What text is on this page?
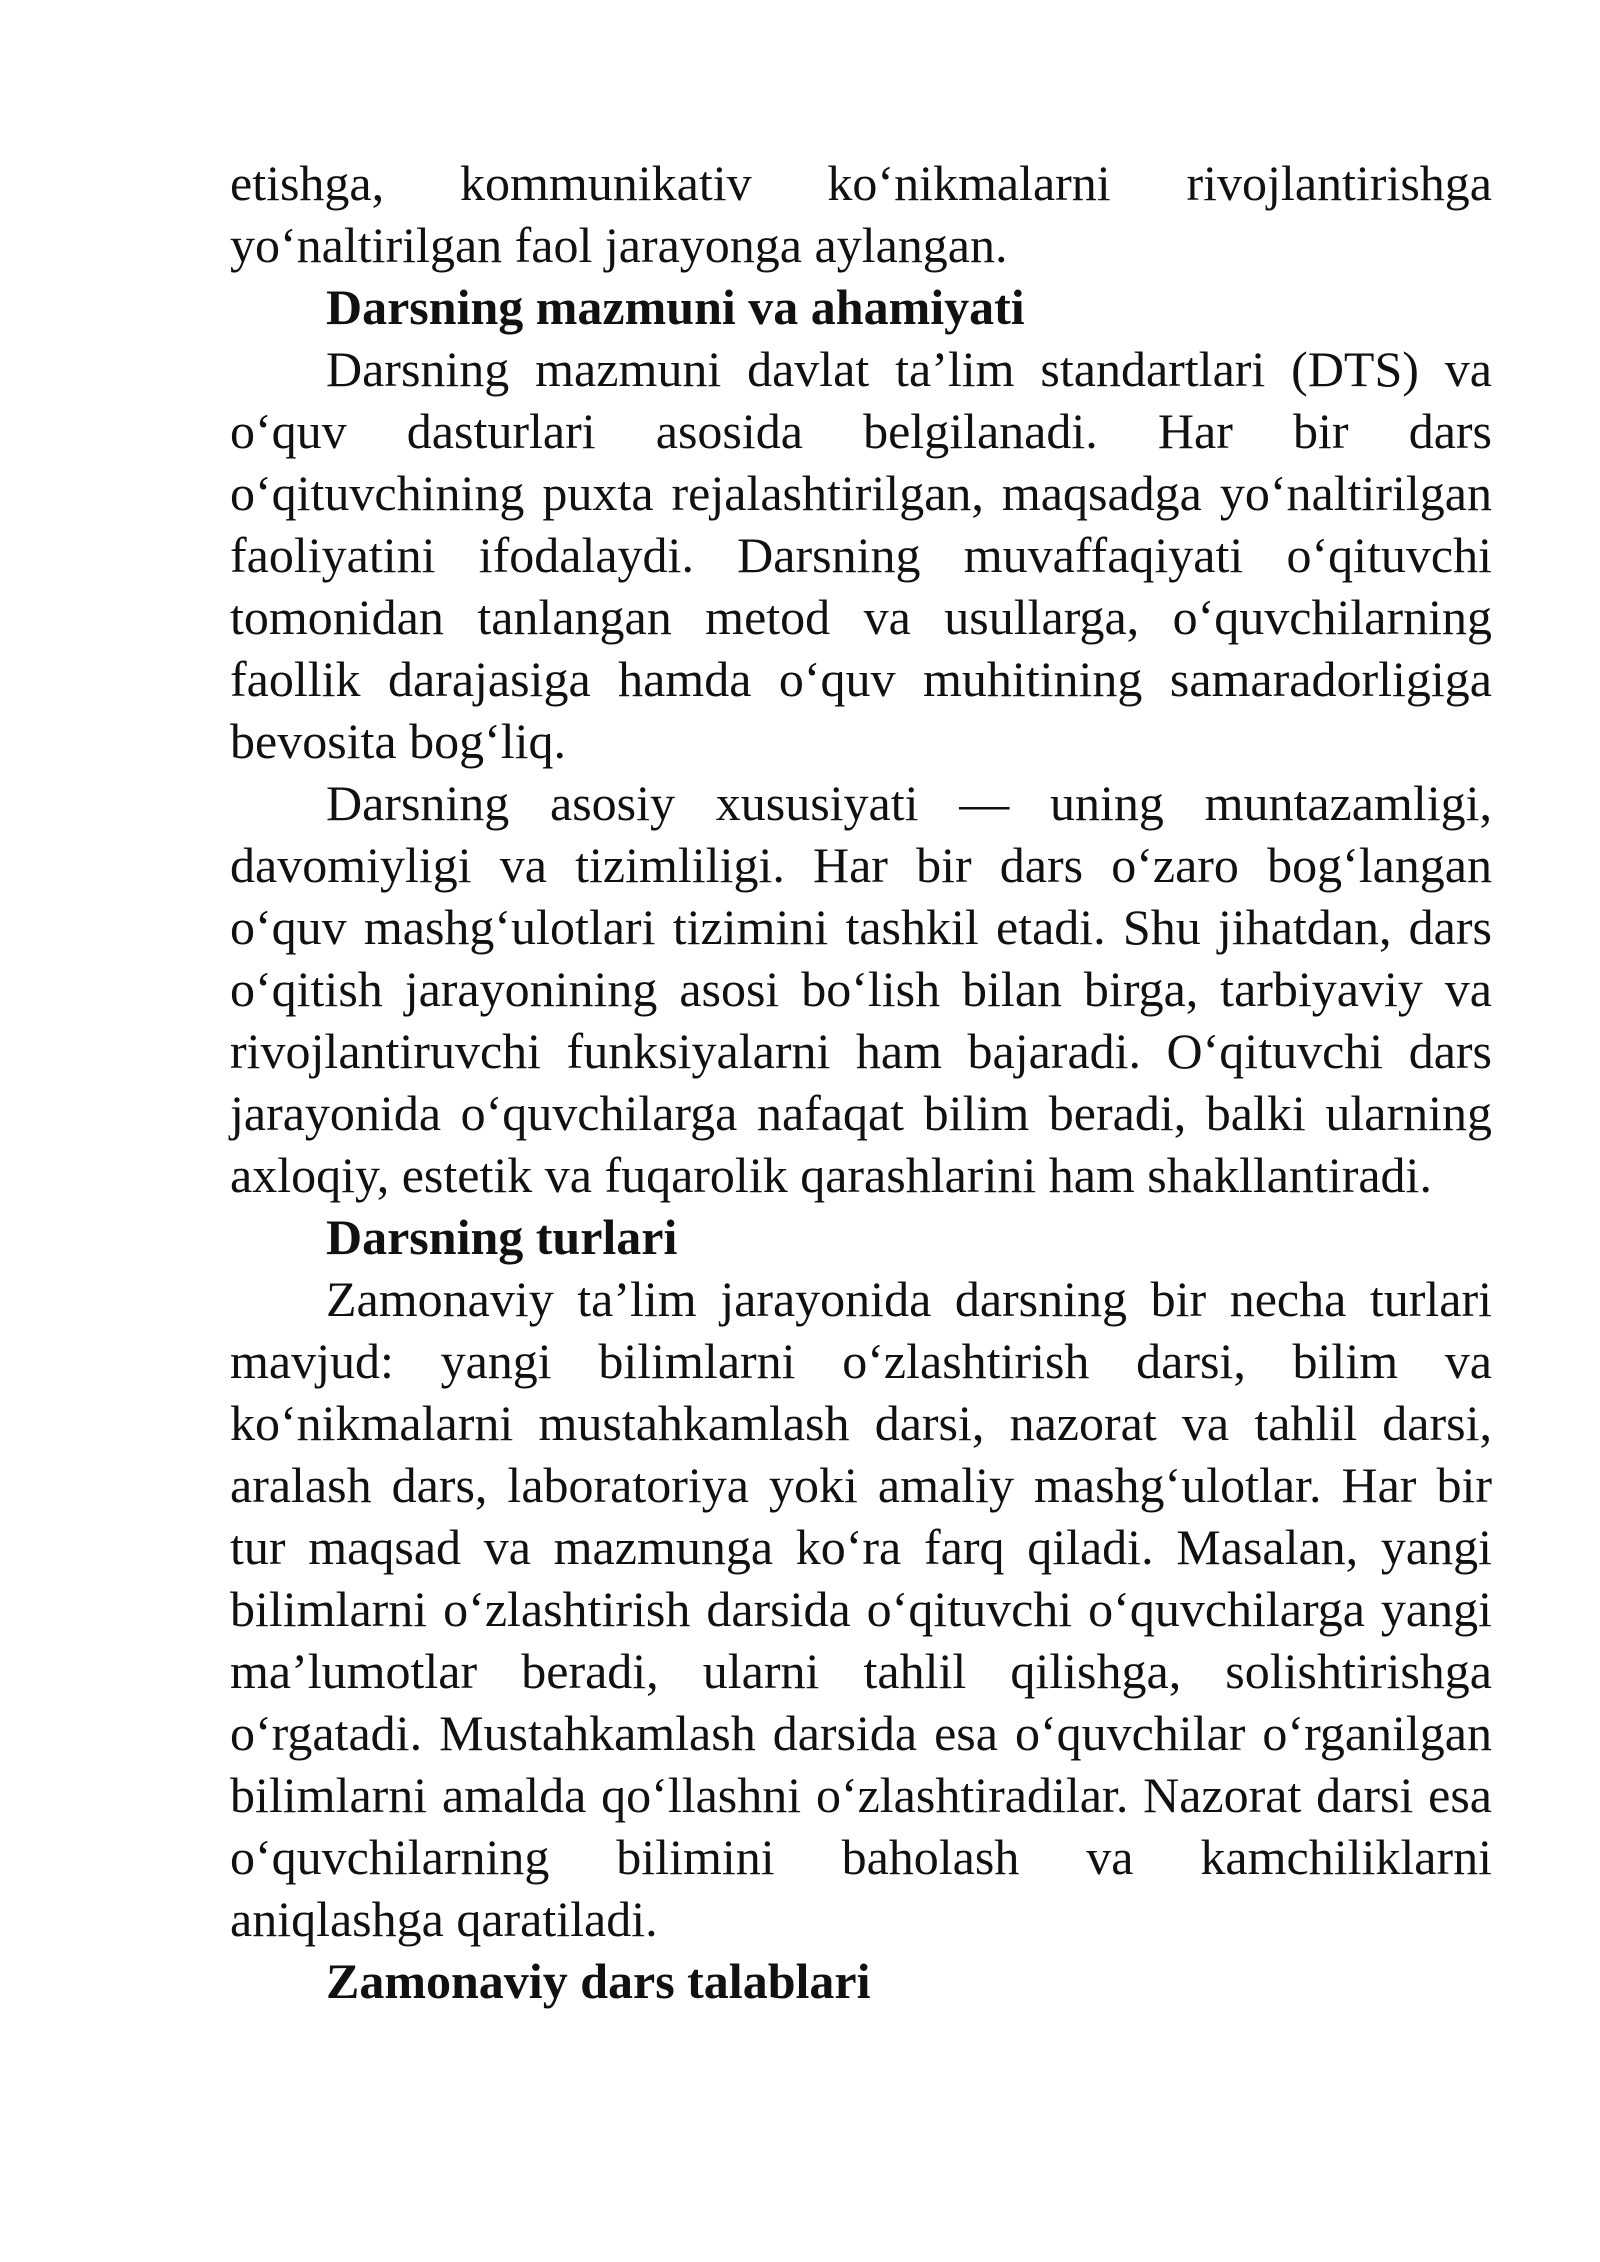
etishga, kommunikativ ko‘nikmalarni rivojlantirishga yo‘naltirilgan faol jarayonga aylangan.

Darsning mazmuni va ahamiyati

Darsning mazmuni davlat ta’lim standartlari (DTS) va o‘quv dasturlari asosida belgilanadi. Har bir dars o‘qituvchining puxta rejalashtirilgan, maqsadga yo‘naltirilgan faoliyatini ifodalaydi. Darsning muvaffaqiyati o‘qituvchi tomonidan tanlangan metod va usullarga, o‘quvchilarning faollik darajasiga hamda o‘quv muhitining samaradorligiga bevosita bog‘liq.

Darsning asosiy xususiyati — uning muntazamligi, davomiyligi va tizimliligi. Har bir dars o‘zaro bog‘langan o‘quv mashg‘ulotlari tizimini tashkil etadi. Shu jihatdan, dars o‘qitish jarayonining asosi bo‘lish bilan birga, tarbiyaviy va rivojlantiruvchi funksiyalarni ham bajaradi. O‘qituvchi dars jarayonida o‘quvchilarga nafaqat bilim beradi, balki ularning axloqiy, estetik va fuqarolik qarashlarini ham shakllantiradi.

Darsning turlari

Zamonaviy ta’lim jarayonida darsning bir necha turlari mavjud: yangi bilimlarni o‘zlashtirish darsi, bilim va ko‘nikmalarni mustahkamlash darsi, nazorat va tahlil darsi, aralash dars, laboratoriya yoki amaliy mashg‘ulotlar. Har bir tur maqsad va mazmunga ko‘ra farq qiladi. Masalan, yangi bilimlarni o‘zlashtirish darsida o‘qituvchi o‘quvchilarga yangi ma’lumotlar beradi, ularni tahlil qilishga, solishtirishga o‘rgatadi. Mustahkamlash darsida esa o‘quvchilar o‘rganilgan bilimlarni amalda qo‘llashni o‘zlashtiradilar. Nazorat darsi esa o‘quvchilarning bilimini baholash va kamchiliklarni aniqlashga qaratiladi.

Zamonaviy dars talablari
